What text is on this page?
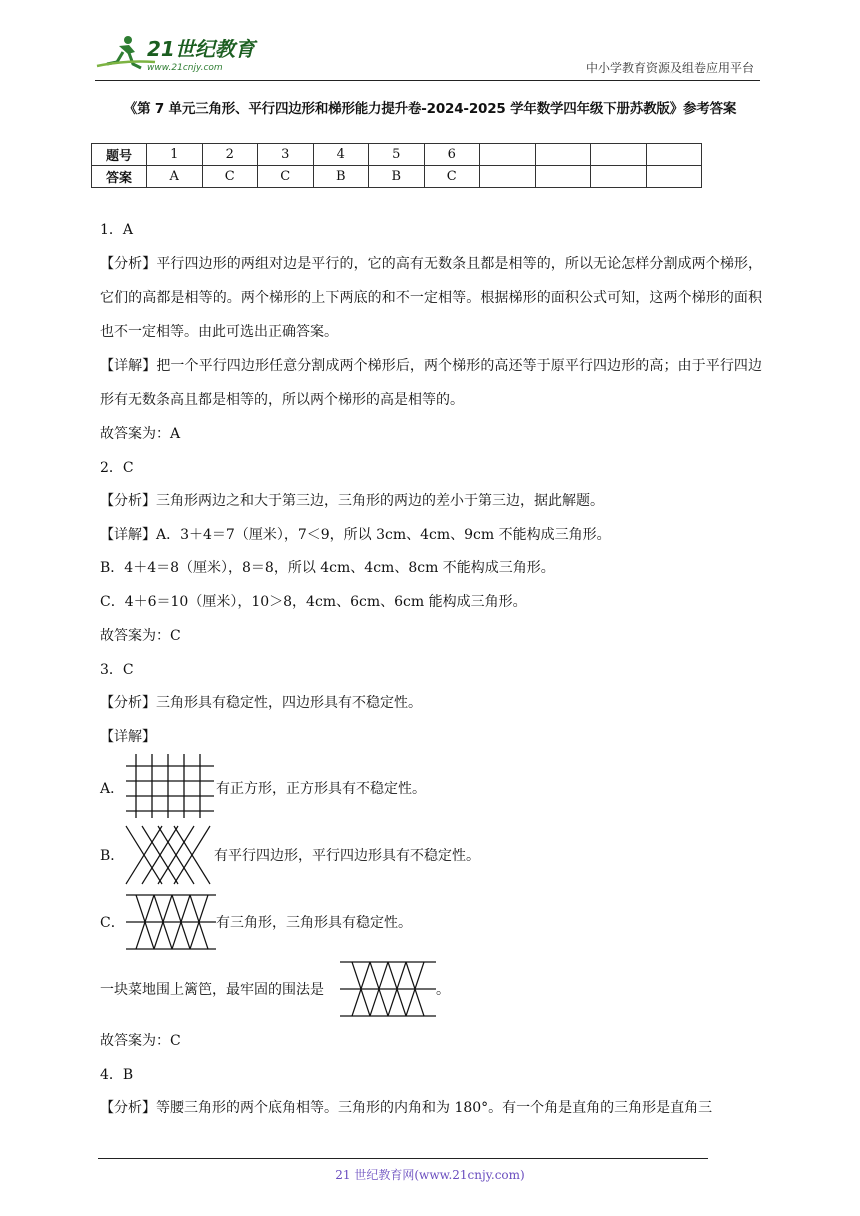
21世纪教育
www.21cnjy.com	中小学教育资源及组卷应用平台
《第 7 单元三角形、平行四边形和梯形能力提升卷-2024-2025 学年数学四年级下册苏教版》参考答案
题号	1	2	3	4	5	6				
答案	A	C	C	B	B	C				
1．A
【分析】平行四边形的两组对边是平行的，它的高有无数条且都是相等的，所以无论怎样分割成两个梯形，它们的高都是相等的。两个梯形的上下两底的和不一定相等。根据梯形的面积公式可知，这两个梯形的面积也不一定相等。由此可选出正确答案。
【详解】把一个平行四边形任意分割成两个梯形后，两个梯形的高还等于原平行四边形的高；由于平行四边形有无数条高且都是相等的，所以两个梯形的高是相等的。
故答案为：A
2．C
【分析】三角形两边之和大于第三边，三角形的两边的差小于第三边，据此解题。
【详解】A．3＋4＝7（厘米），7＜9，所以 3cm、4cm、9cm 不能构成三角形。
B．4＋4＝8（厘米），8＝8，所以 4cm、4cm、8cm 不能构成三角形。
C．4＋6＝10（厘米），10＞8，4cm、6cm、6cm 能构成三角形。
故答案为：C
3．C
【分析】三角形具有稳定性，四边形具有不稳定性。
【详解】
A．	有正方形，正方形具有不稳定性。
B．	有平行四边形，平行四边形具有不稳定性。
C．	有三角形，三角形具有稳定性。
一块菜地围上篱笆，最牢固的围法是	。
故答案为：C
4．B
【分析】等腰三角形的两个底角相等。三角形的内角和为 180°。有一个角是直角的三角形是直角三
21 世纪教育网(www.21cnjy.com)
